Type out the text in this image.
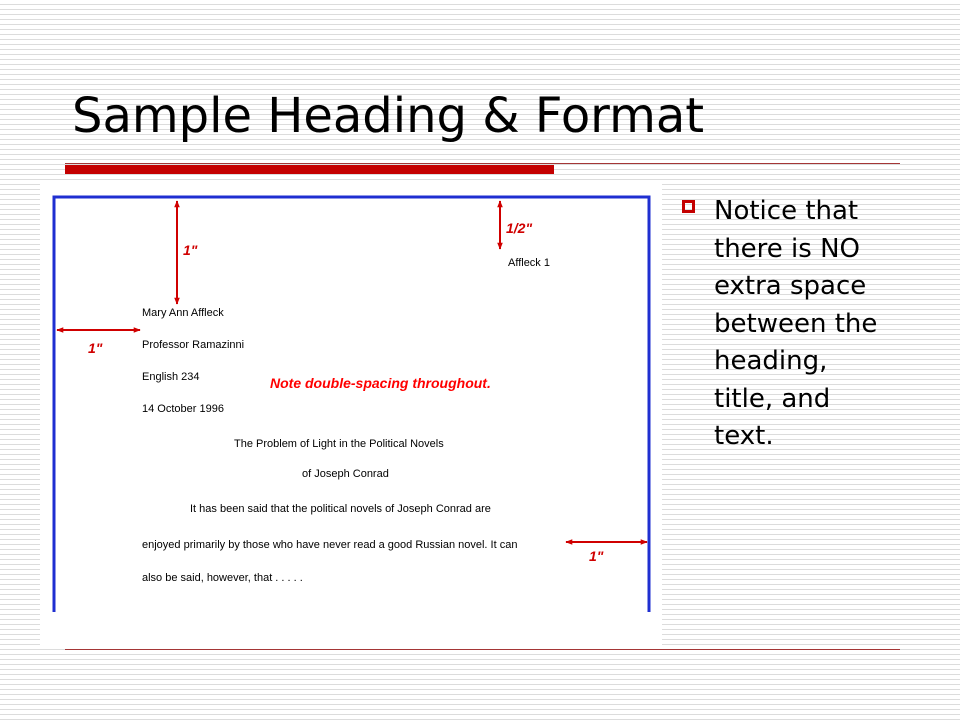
Sample Heading & Format
1"
1/2"
1"
1"
Affleck 1
Mary Ann Affleck
Professor Ramazinni
English 234
14 October 1996
Note double-spacing throughout.
The Problem of Light in the Political Novels
of Joseph Conrad
It has been said that the political novels of Joseph Conrad are
enjoyed primarily by those who have never read a good Russian novel. It can
also be said, however, that . . . . .
Notice that there is NO extra space between the heading, title, and text.
